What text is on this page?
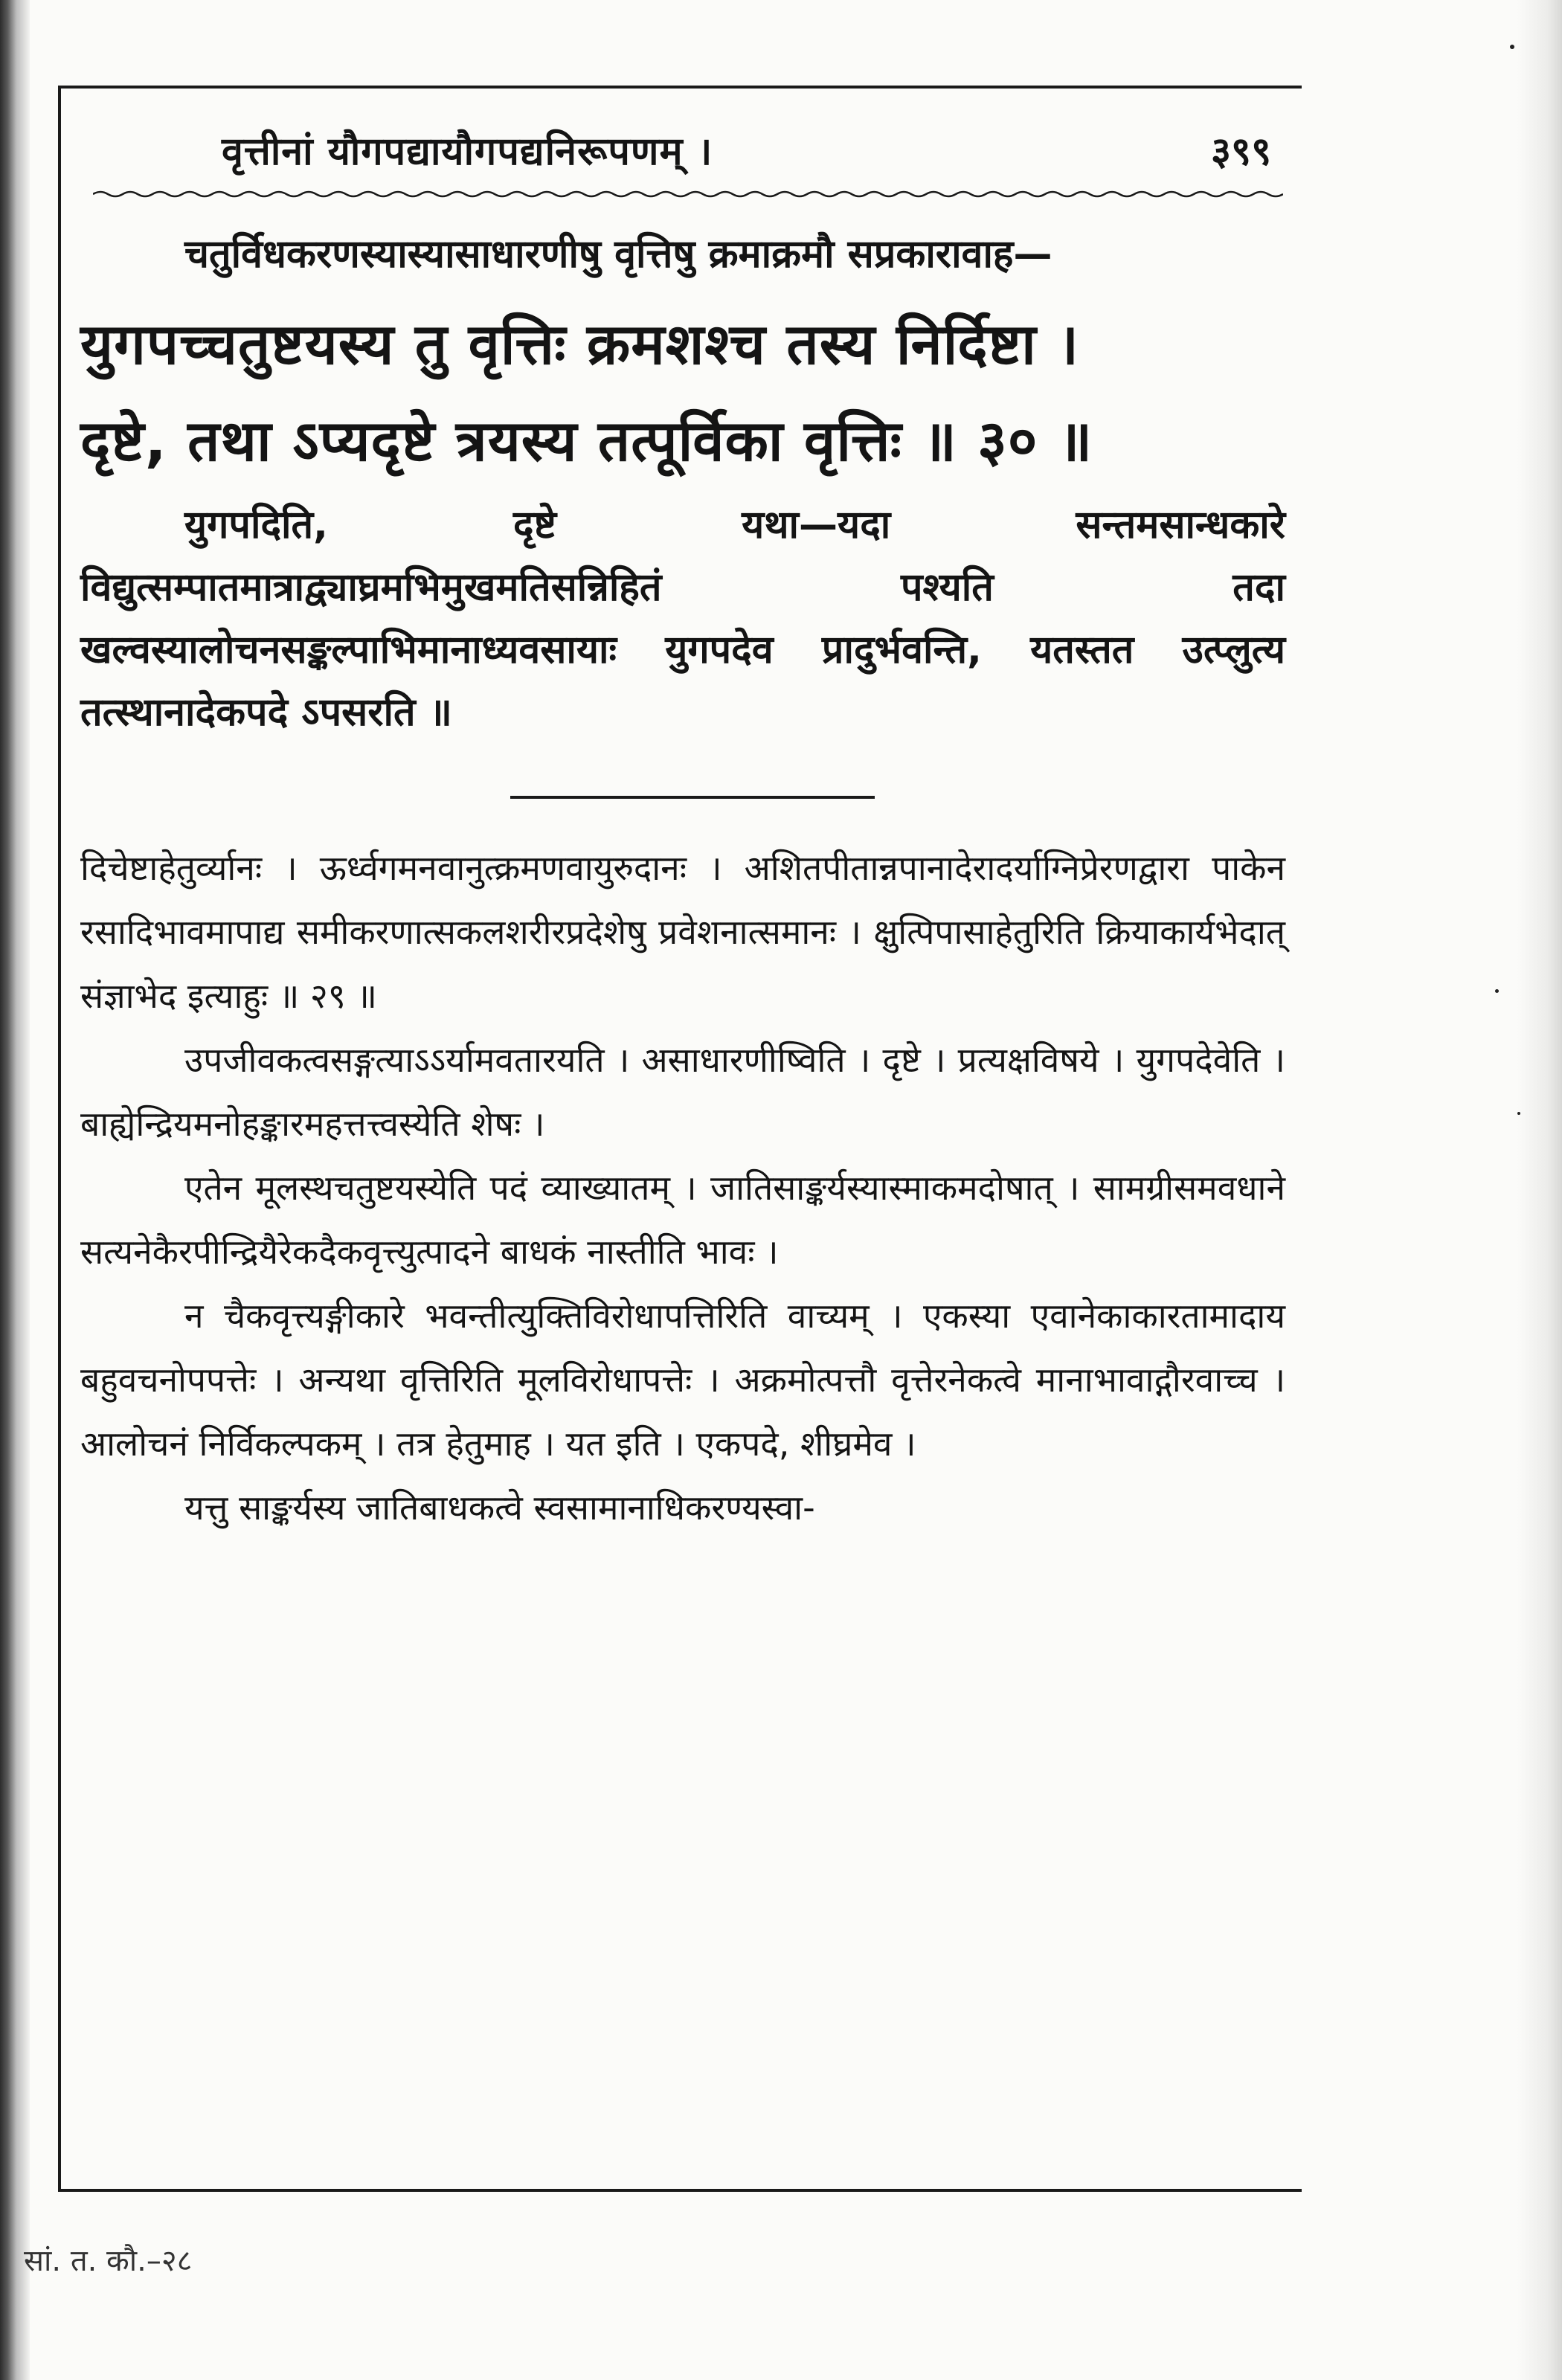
वृत्तीनां यौगपद्यायौगपद्यनिरूपणम् ।	३९९

चतुर्विधकरणस्यास्यासाधारणीषु वृत्तिषु क्रमाक्रमौ सप्रकारावाह—

युगपच्चतुष्टयस्य तु वृत्तिः क्रमशश्च तस्य निर्दिष्टा ।
दृष्टे, तथा ऽप्यदृष्टे त्रयस्य तत्पूर्विका वृत्तिः ॥ ३० ॥

युगपदिति, दृष्टे यथा—यदा सन्तमसान्धकारे विद्युत्सम्पातमात्राद्व्याघ्रमभिमुखमतिसन्निहितं पश्यति तदा खल्वस्यालोचनसङ्कल्पाभिमानाध्यवसायाः युगपदेव प्रादुर्भवन्ति, यतस्तत उत्प्लुत्य तत्स्थानादेकपदे ऽपसरति ॥

दिचेष्टाहेतुर्व्यानः । ऊर्ध्वगमनवानुत्क्रमणवायुरुदानः । अशितपीतान्नपानादेरादर्याग्निप्रेरणद्वारा पाकेन रसादिभावमापाद्य समीकरणात्सकलशरीरप्रदेशेषु प्रवेशनात्समानः । क्षुत्पिपासाहेतुरिति क्रियाकार्यभेदात् संज्ञाभेद इत्याहुः ॥ २९ ॥

उपजीवकत्वसङ्गत्याऽऽर्यामवतारयति । असाधारणीष्विति । दृष्टे । प्रत्यक्षविषये । युगपदेवेति । बाह्येन्द्रियमनोहङ्कारमहत्तत्त्वस्येति शेषः ।

एतेन मूलस्थचतुष्टयस्येति पदं व्याख्यातम् । जातिसाङ्कर्यस्यास्माकमदोषात् । सामग्रीसमवधाने सत्यनेकैरपीन्द्रियैरेकदैकवृत्त्युत्पादने बाधकं नास्तीति भावः ।

न चैकवृत्त्यङ्गीकारे भवन्तीत्युक्तिविरोधापत्तिरिति वाच्यम् । एकस्या एवानेकाकारतामादाय बहुवचनोपपत्तेः । अन्यथा वृत्तिरिति मूलविरोधापत्तेः । अक्रमोत्पत्तौ वृत्तेरनेकत्वे मानाभावाद्गौरवाच्च । आलोचनं निर्विकल्पकम् । तत्र हेतुमाह । यत इति । एकपदे, शीघ्रमेव ।

यत्तु साङ्कर्यस्य जातिबाधकत्वे स्वसामानाधिकरण्यस्वा-

सां. त. कौ.–२८
